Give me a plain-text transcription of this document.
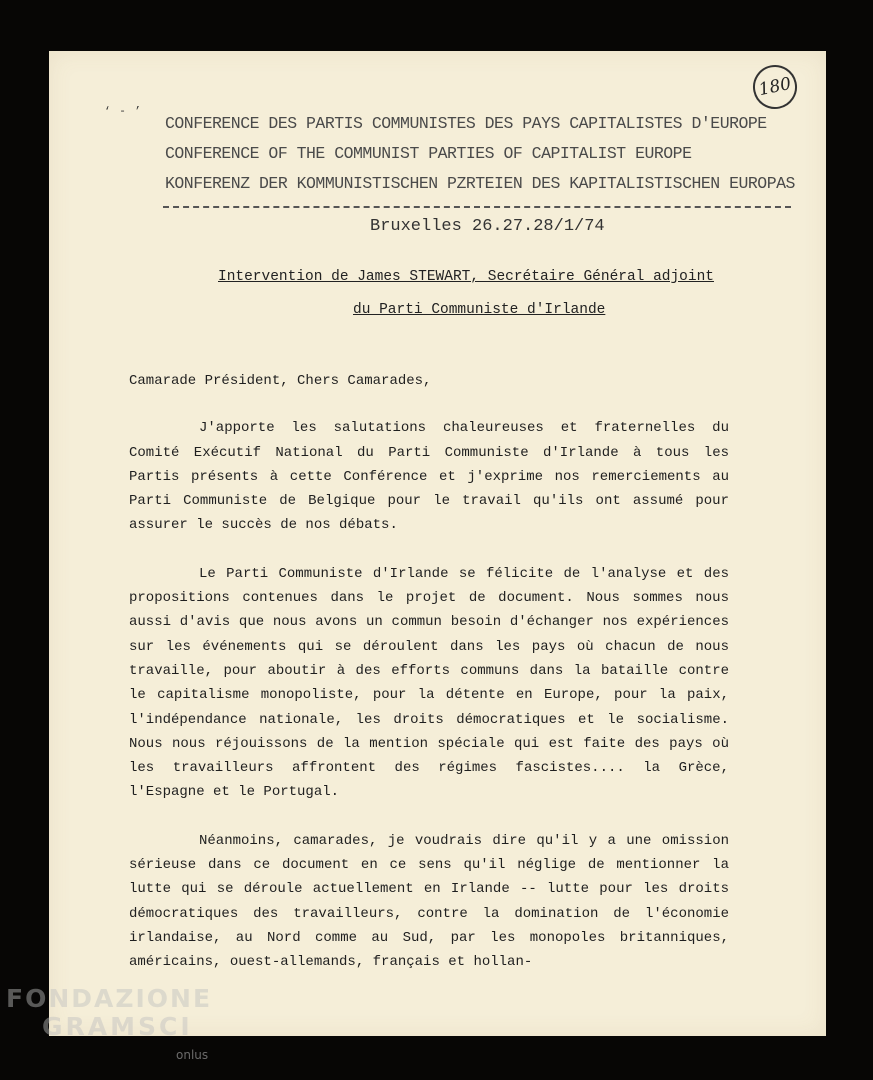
180
‘ - ’
CONFERENCE DES PARTIS COMMUNISTES DES PAYS CAPITALISTES D'EUROPE
CONFERENCE OF THE COMMUNIST PARTIES OF CAPITALIST EUROPE
KONFERENZ DER KOMMUNISTISCHEN PZRTEIEN DES KAPITALISTISCHEN EUROPAS
Bruxelles 26.27.28/1/74
Intervention de James STEWART, Secrétaire Général adjoint
du Parti Communiste d'Irlande

Camarade Président, Chers Camarades,

J'apporte les salutations chaleureuses et fraternelles du Comité Exécutif National du Parti Communiste d'Irlande à tous les Partis présents à cette Conférence et j'exprime nos remerciements au Parti Communiste de Belgique pour le travail qu'ils ont assumé pour assurer le succès de nos débats.

Le Parti Communiste d'Irlande se félicite de l'analyse et des propositions contenues dans le projet de document. Nous sommes nous aussi d'avis que nous avons un commun besoin d'échanger nos expériences sur les événements qui se déroulent dans les pays où chacun de nous travaille, pour aboutir à des efforts communs dans la bataille contre le capitalisme monopoliste, pour la détente en Europe, pour la paix, l'indépendance nationale, les droits démocratiques et le socialisme. Nous nous réjouissons de la mention spéciale qui est faite des pays où les travailleurs affrontent des régimes fascistes.... la Grèce, l'Espagne et le Portugal.

Néanmoins, camarades, je voudrais dire qu'il y a une omission sérieuse dans ce document en ce sens qu'il néglige de mentionner la lutte qui se déroule actuellement en Irlande -- lutte pour les droits démocratiques des travailleurs, contre la domination de l'économie irlandaise, au Nord comme au Sud, par les monopoles britanniques, américains, ouest-allemands, français et hollan-

FONDAZIONE
GRAMSCI
onlus
